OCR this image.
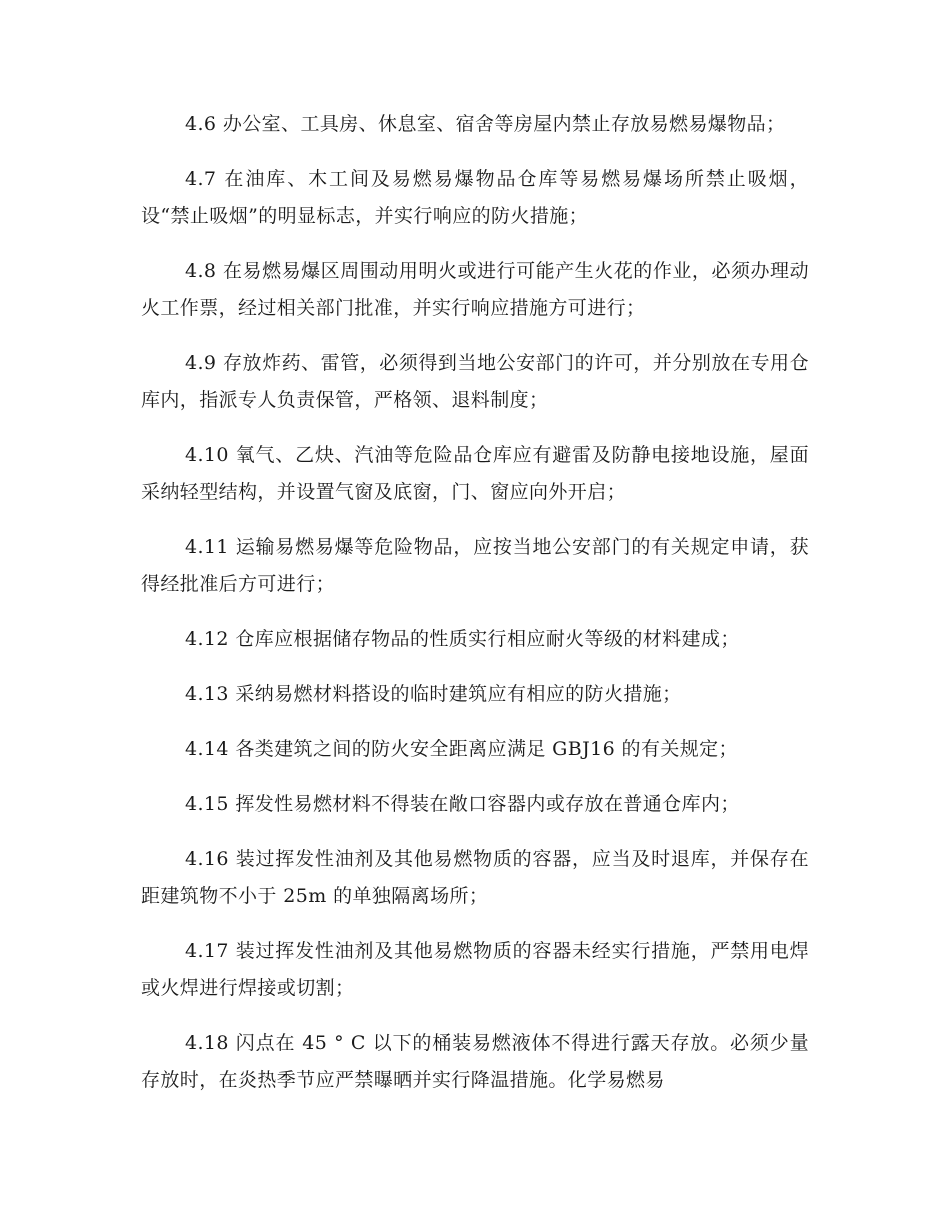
4.6 办公室、工具房、休息室、宿舍等房屋内禁止存放易燃易爆物品；

4.7 在油库、木工间及易燃易爆物品仓库等易燃易爆场所禁止吸烟，设“禁止吸烟”的明显标志，并实行响应的防火措施；

4.8 在易燃易爆区周围动用明火或进行可能产生火花的作业，必须办理动火工作票，经过相关部门批准，并实行响应措施方可进行；

4.9 存放炸药、雷管，必须得到当地公安部门的许可，并分别放在专用仓库内，指派专人负责保管，严格领、退料制度；

4.10 氧气、乙炔、汽油等危险品仓库应有避雷及防静电接地设施，屋面采纳轻型结构，并设置气窗及底窗，门、窗应向外开启；

4.11 运输易燃易爆等危险物品，应按当地公安部门的有关规定申请，获得经批准后方可进行；

4.12 仓库应根据储存物品的性质实行相应耐火等级的材料建成；

4.13 采纳易燃材料搭设的临时建筑应有相应的防火措施；

4.14 各类建筑之间的防火安全距离应满足 GBJ16 的有关规定；

4.15 挥发性易燃材料不得装在敞口容器内或存放在普通仓库内；

4.16 装过挥发性油剂及其他易燃物质的容器，应当及时退库，并保存在距建筑物不小于 25m 的单独隔离场所；

4.17 装过挥发性油剂及其他易燃物质的容器未经实行措施，严禁用电焊或火焊进行焊接或切割；

4.18 闪点在 45 ° C 以下的桶装易燃液体不得进行露天存放。必须少量存放时，在炎热季节应严禁曝晒并实行降温措施。化学易燃易
